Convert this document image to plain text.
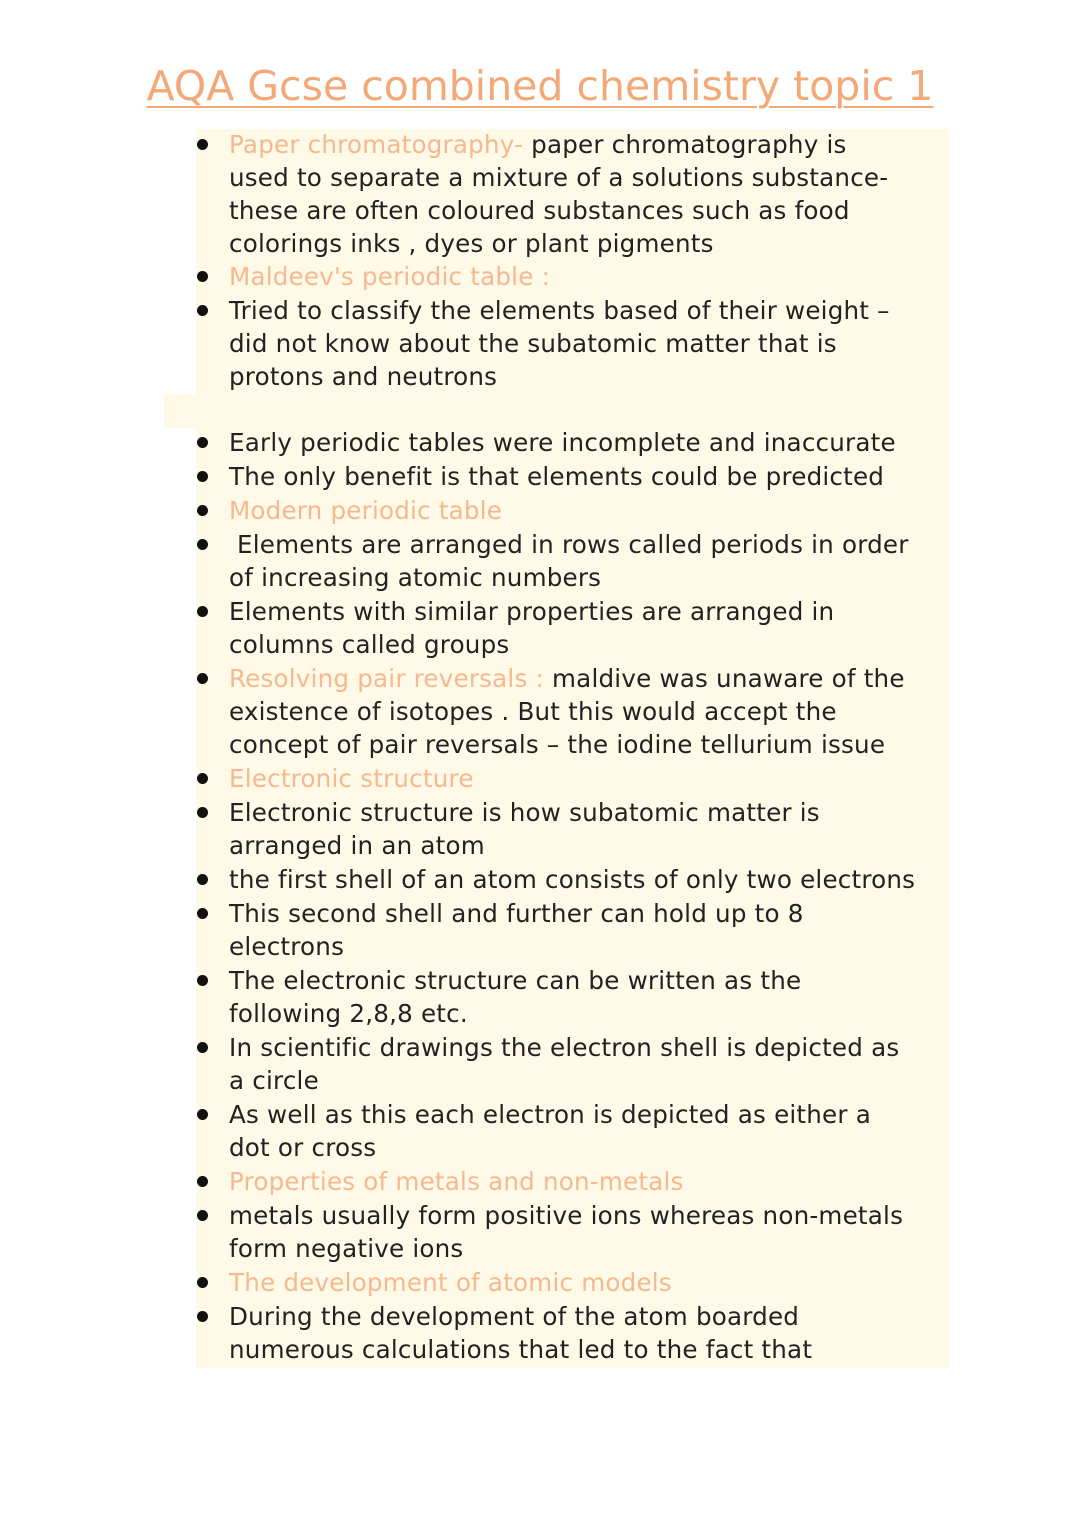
AQA Gcse combined chemistry topic 1
Paper chromatography- paper chromatography is
used to separate a mixture of a solutions substance-
these are often coloured substances such as food
colorings inks , dyes or plant pigments
Maldeev's periodic table :
Tried to classify the elements based of their weight –
did not know about the subatomic matter that is
protons and neutrons
Early periodic tables were incomplete and inaccurate
The only benefit is that elements could be predicted
Modern periodic table
Elements are arranged in rows called periods in order
of increasing atomic numbers
Elements with similar properties are arranged in
columns called groups
Resolving pair reversals : maldive was unaware of the
existence of isotopes . But this would accept the
concept of pair reversals – the iodine tellurium issue
Electronic structure
Electronic structure is how subatomic matter is
arranged in an atom
the first shell of an atom consists of only two electrons
This second shell and further can hold up to 8
electrons
The electronic structure can be written as the
following 2,8,8 etc.
In scientific drawings the electron shell is depicted as
a circle
As well as this each electron is depicted as either a
dot or cross
Properties of metals and non-metals
metals usually form positive ions whereas non-metals
form negative ions
The development of atomic models
During the development of the atom boarded
numerous calculations that led to the fact that
